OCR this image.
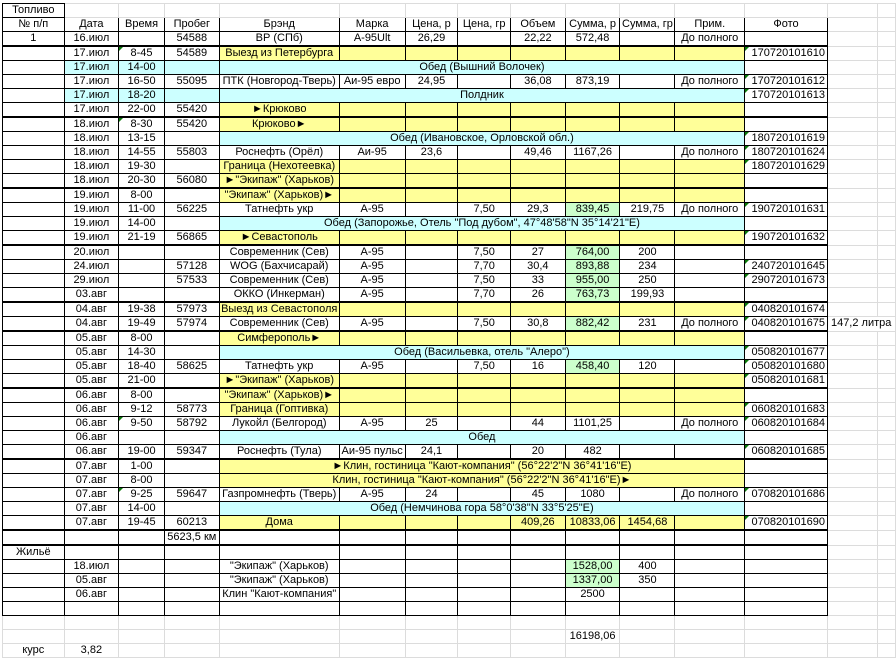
Топливо														
№ п/п	Дата	Время	Пробег	Брэнд	Марка	Цена, р	Цена, гр	Объем	Сумма, р	Сумма, гр	Прим.	Фото		
1	16.июл		54588	ВР (СПб)	А-95Ult	26,29		22,22	572,48		До полного			
	17.июл	8-45	54589	Выезд из Петербурга								170720101610		
	17.июл	14-00		Обед (Вышний Волочек)										
	17.июл	16-50	55095	ПТК (Новгород-Тверь)	Аи-95 евро	24,95		36,08	873,19		До полного	170720101612		
	17.июл	18-20		Полдник								170720101613		
	17.июл	22-00	55420	►Крюково										
	18.июл	8-30	55420	Крюково►										
	18.июл	13-15		Обед (Ивановское, Орловской обл.)								180720101619		
	18.июл	14-55	55803	Роснефть (Орёл)	Аи-95	23,6		49,46	1167,26		До полного	180720101624		
	18.июл	19-30		Граница (Нехотеевка)								180720101629		
	18.июл	20-30	56080	►"Экипаж" (Харьков)										
	19.июл	8-00		"Экипаж" (Харьков)►										
	19.июл	11-00	56225	Татнефть укр	А-95		7,50	29,3	839,45	219,75	До полного	190720101631		
	19.июл	14-00		Обед (Запорожье, Отель "Под дубом", 47°48'58"N 35°14'21"E)										
	19.июл	21-19	56865	►Севастополь								190720101632		
	20.июл			Современник (Сев)	А-95		7,50	27	764,00	200				
	24.июл		57128	WOG (Бахчисарай)	А-95		7,70	30,4	893,88	234		240720101645		
	29.июл		57533	Современник (Сев)	А-95		7,50	33	955,00	250		290720101673		
	03.авг			ОККО (Инкерман)	А-95		7,70	26	763,73	199,93				
	04.авг	19-38	57973	Выезд из Севастополя								040820101674		
	04.авг	19-49	57974	Современник (Сев)	А-95		7,50	30,8	882,42	231	До полного	040820101675	147,2 литра	
	05.авг	8-00		Симферополь►										
	05.авг	14-30		Обед (Васильевка, отель "Алеро")								050820101677		
	05.авг	18-40	58625	Татнефть укр	А-95		7,50	16	458,40	120		050820101680		
	05.авг	21-00		►"Экипаж" (Харьков)								050820101681		
	06.авг	8-00		"Экипаж" (Харьков)►										
	06.авг	9-12	58773	Граница (Гоптивка)								060820101683		
	06.авг	9-50	58792	Лукойл (Белгород)	А-95	25		44	1101,25		До полного	060820101684		
	06.авг			Обед										
	06.авг	19-00	59347	Роснефть (Тула)	Аи-95 пульс	24,1		20	482			060820101685		
	07.авг	1-00		►Клин, гостиница "Кают-компания" (56°22'2"N 36°41'16"E)										
	07.авг	8-00		Клин, гостиница "Кают-компания" (56°22'2"N 36°41'16"E)►										
	07.авг	9-25	59647	Газпромнефть (Тверь)	А-95	24		45	1080		До полного	070820101686		
	07.авг	14-00		Обед (Немчинова гора 58°0'38"N 33°5'25"E)										
	07.авг	19-45	60213	Дома				409,26	10833,06	1454,68		070820101690		
			5623,5 км											
Жильё														
	18.июл			"Экипаж" (Харьков)					1528,00	400				
	05.авг			"Экипаж" (Харьков)					1337,00	350				
	06.авг			Клин "Кают-компания"					2500					

									16198,06					
курс	3,82													
